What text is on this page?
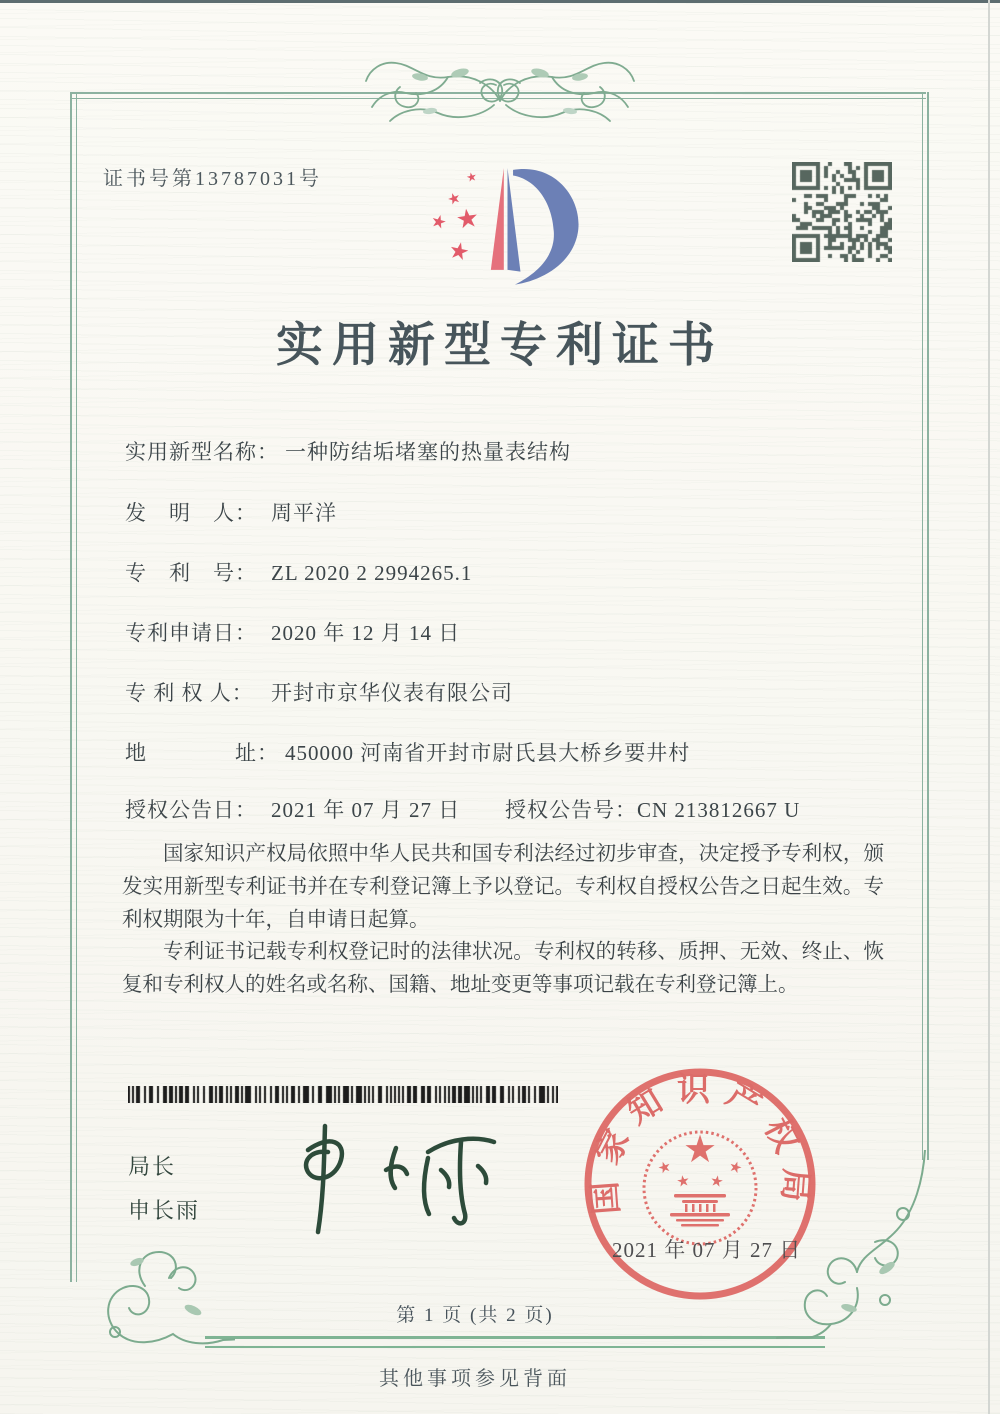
证书号第13787031号	★
★
★ ★
★
实用新型专利证书
实用新型名称： 一种防结垢堵塞的热量表结构
发　明　人： 周平洋
专　利　号： ZL 2020 2 2994265.1
专利申请日： 2020 年 12 月 14 日
专 利 权 人： 开封市京华仪表有限公司
地　　　　址： 450000 河南省开封市尉氏县大桥乡要井村
授权公告日： 2021 年 07 月 27 日 授权公告号：CN 213812667 U

国家知识产权局依照中华人民共和国专利法经过初步审查，决定授予专利权，颁发实用新型专利证书并在专利登记簿上予以登记。专利权自授权公告之日起生效。专利权期限为十年，自申请日起算。

专利证书记载专利权登记时的法律状况。专利权的转移、质押、无效、终止、恢复和专利权人的姓名或名称、国籍、地址变更等事项记载在专利登记簿上。

局长
申长雨	国家知识产权局
★
★
★ ★
★
2021 年 07 月 27 日
第 1 页 (共 2 页)
其他事项参见背面
